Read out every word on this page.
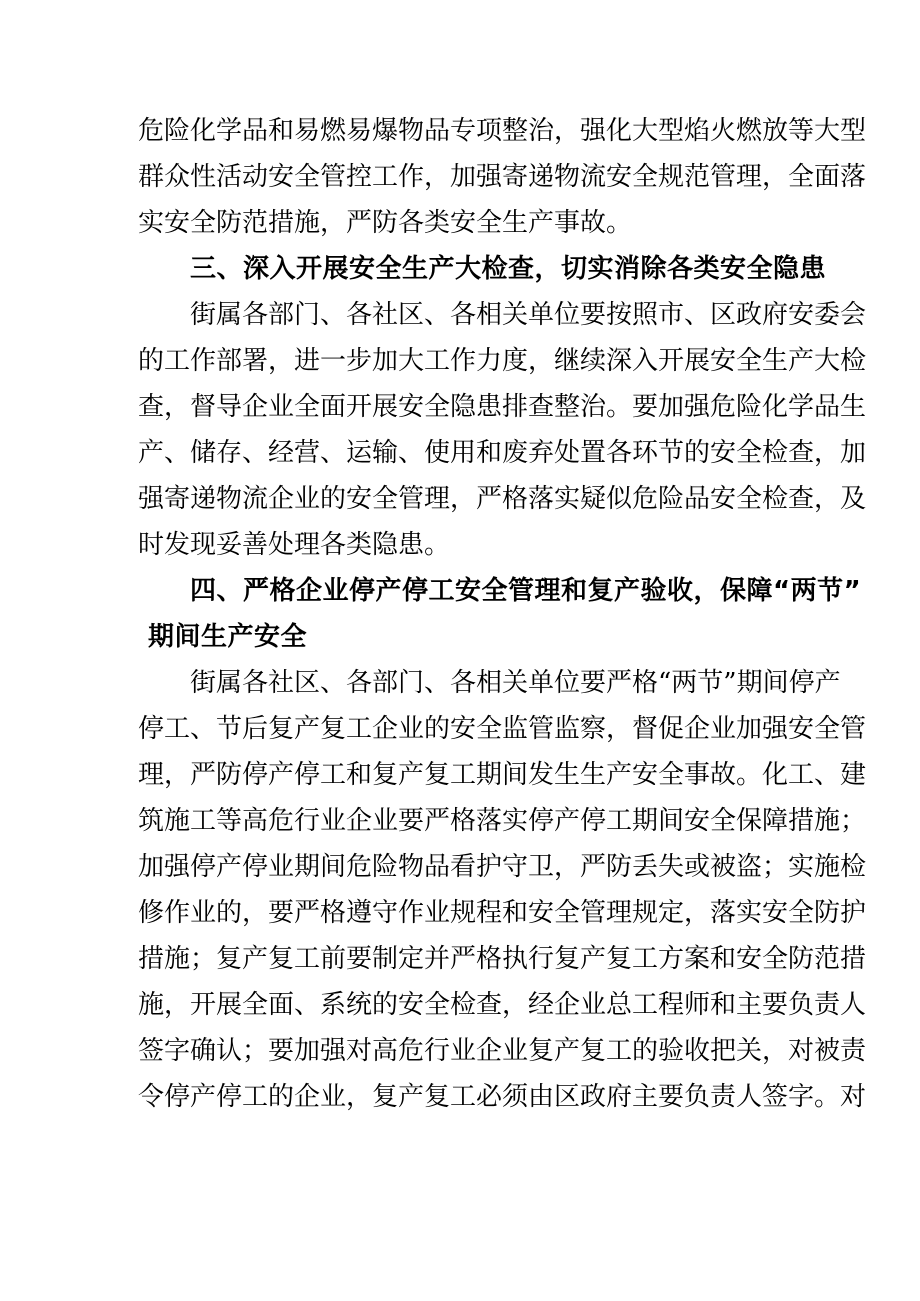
危险化学品和易燃易爆物品专项整治，强化大型焰火燃放等大型
群众性活动安全管控工作，加强寄递物流安全规范管理，全面落
实安全防范措施，严防各类安全生产事故。
三、深入开展安全生产大检查，切实消除各类安全隐患
街属各部门、各社区、各相关单位要按照市、区政府安委会
的工作部署，进一步加大工作力度，继续深入开展安全生产大检
查，督导企业全面开展安全隐患排查整治。要加强危险化学品生
产、储存、经营、运输、使用和废弃处置各环节的安全检查，加
强寄递物流企业的安全管理，严格落实疑似危险品安全检查，及
时发现妥善处理各类隐患。
四、严格企业停产停工安全管理和复产验收，保障“两节”
期间生产安全
街属各社区、各部门、各相关单位要严格“两节”期间停产
停工、节后复产复工企业的安全监管监察，督促企业加强安全管
理，严防停产停工和复产复工期间发生生产安全事故。化工、建
筑施工等高危行业企业要严格落实停产停工期间安全保障措施；
加强停产停业期间危险物品看护守卫，严防丢失或被盗；实施检
修作业的，要严格遵守作业规程和安全管理规定，落实安全防护
措施；复产复工前要制定并严格执行复产复工方案和安全防范措
施，开展全面、系统的安全检查，经企业总工程师和主要负责人
签字确认；要加强对高危行业企业复产复工的验收把关，对被责
令停产停工的企业，复产复工必须由区政府主要负责人签字。对
